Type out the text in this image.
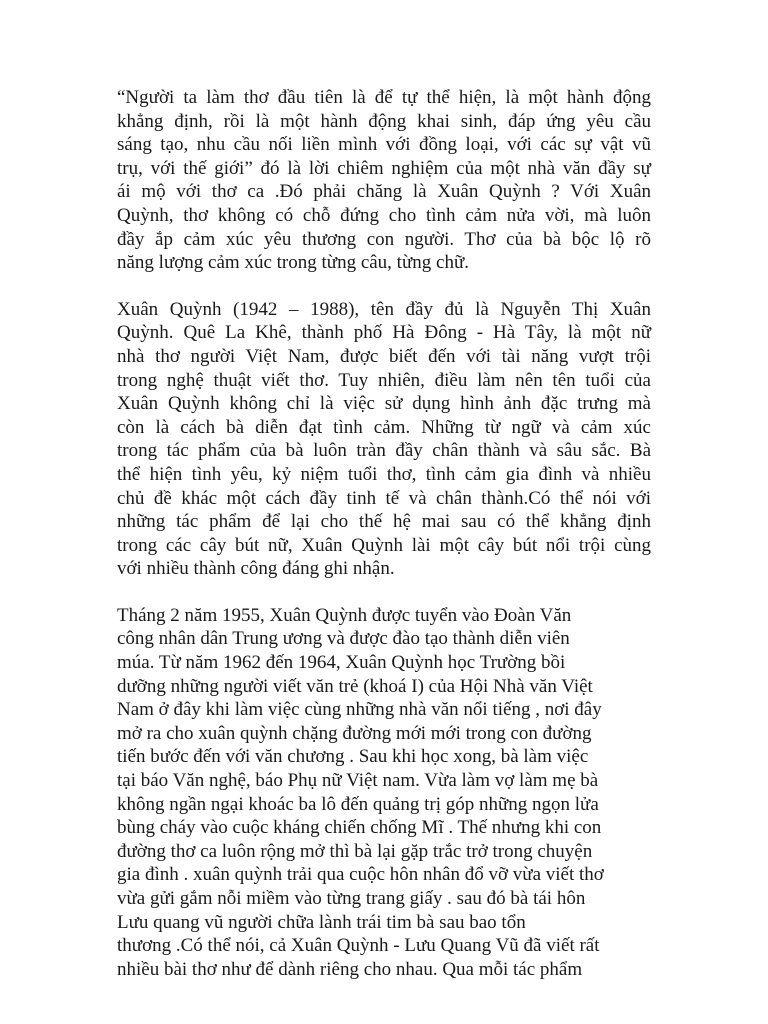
“Người ta làm thơ đầu tiên là để tự thể hiện, là một hành động
khẳng định, rồi là một hành động khai sinh, đáp ứng yêu cầu
sáng tạo, nhu cầu nối liền mình với đồng loại, với các sự vật vũ
trụ, với thế giới” đó là lời chiêm nghiệm của một nhà văn đầy sự
ái mộ với thơ ca .Đó phải chăng là Xuân Quỳnh ? Với Xuân
Quỳnh, thơ không có chỗ đứng cho tình cảm nửa vời, mà luôn
đầy ắp cảm xúc yêu thương con người. Thơ của bà bộc lộ rõ
năng lượng cảm xúc trong từng câu, từng chữ.
Xuân Quỳnh (1942 – 1988), tên đầy đủ là Nguyễn Thị Xuân
Quỳnh. Quê La Khê, thành phố Hà Đông - Hà Tây, là một nữ
nhà thơ người Việt Nam, được biết đến với tài năng vượt trội
trong nghệ thuật viết thơ. Tuy nhiên, điều làm nên tên tuổi của
Xuân Quỳnh không chỉ là việc sử dụng hình ảnh đặc trưng mà
còn là cách bà diễn đạt tình cảm. Những từ ngữ và cảm xúc
trong tác phẩm của bà luôn tràn đầy chân thành và sâu sắc. Bà
thể hiện tình yêu, kỷ niệm tuổi thơ, tình cảm gia đình và nhiều
chủ đề khác một cách đầy tinh tế và chân thành.Có thể nói với
những tác phẩm để lại cho thế hệ mai sau có thể khẳng định
trong các cây bút nữ, Xuân Quỳnh lài một cây bút nổi trội cùng
với nhiều thành công đáng ghi nhận.
Tháng 2 năm 1955, Xuân Quỳnh được tuyển vào Đoàn Văn
công nhân dân Trung ương và được đào tạo thành diễn viên
múa. Từ năm 1962 đến 1964, Xuân Quỳnh học Trường bồi
dưỡng những người viết văn trẻ (khoá I) của Hội Nhà văn Việt
Nam ở đây khi làm việc cùng những nhà văn nổi tiếng , nơi đây
mở ra cho xuân quỳnh chặng đường mới mới trong con đường
tiến bước đến với văn chương . Sau khi học xong, bà làm việc
tại báo Văn nghệ, báo Phụ nữ Việt nam. Vừa làm vợ làm mẹ bà
không ngần ngại khoác ba lô đến quảng trị góp những ngọn lửa
bùng cháy vào cuộc kháng chiến chống Mĩ . Thế nhưng khi con
đường thơ ca luôn rộng mở thì bà lại gặp trắc trở trong chuyện
gia đình . xuân quỳnh trải qua cuộc hôn nhân đổ vỡ vừa viết thơ
vừa gửi gắm nỗi miềm vào từng trang giấy . sau đó bà tái hôn
Lưu quang vũ người chữa lành trái tim bà sau bao tổn
thương .Có thể nói, cả Xuân Quỳnh - Lưu Quang Vũ đã viết rất
nhiều bài thơ như để dành riêng cho nhau. Qua mỗi tác phẩm
